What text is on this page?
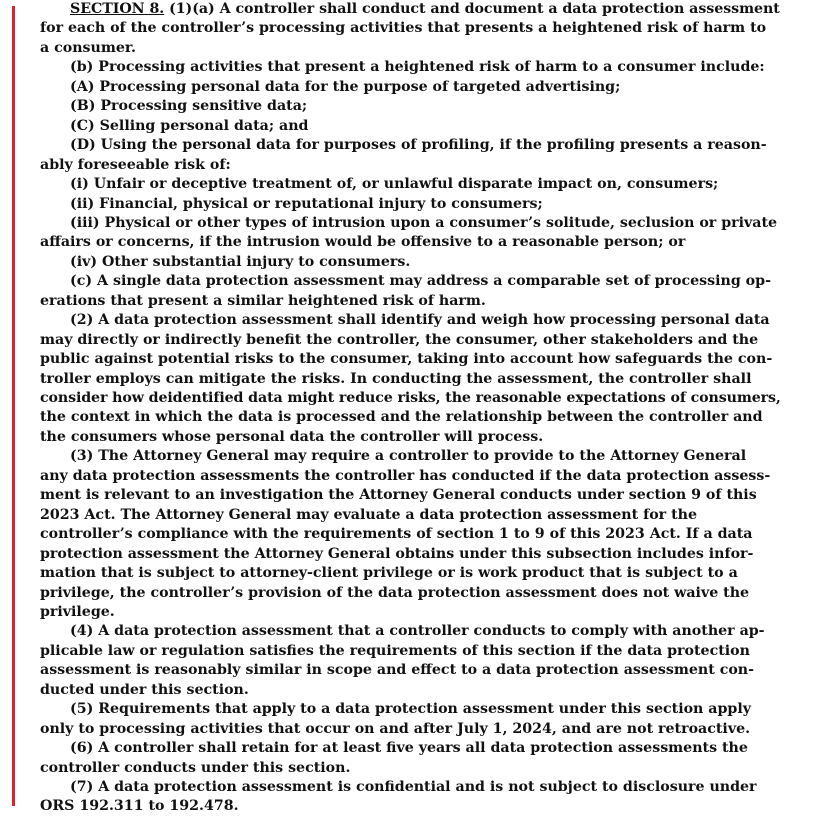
SECTION 8. (1)(a) A controller shall conduct and document a data protection assessment
for each of the controller’s processing activities that presents a heightened risk of harm to
a consumer.
(b) Processing activities that present a heightened risk of harm to a consumer include:
(A) Processing personal data for the purpose of targeted advertising;
(B) Processing sensitive data;
(C) Selling personal data; and
(D) Using the personal data for purposes of profiling, if the profiling presents a reason-
ably foreseeable risk of:
(i) Unfair or deceptive treatment of, or unlawful disparate impact on, consumers;
(ii) Financial, physical or reputational injury to consumers;
(iii) Physical or other types of intrusion upon a consumer’s solitude, seclusion or private
affairs or concerns, if the intrusion would be offensive to a reasonable person; or
(iv) Other substantial injury to consumers.
(c) A single data protection assessment may address a comparable set of processing op-
erations that present a similar heightened risk of harm.
(2) A data protection assessment shall identify and weigh how processing personal data
may directly or indirectly benefit the controller, the consumer, other stakeholders and the
public against potential risks to the consumer, taking into account how safeguards the con-
troller employs can mitigate the risks. In conducting the assessment, the controller shall
consider how deidentified data might reduce risks, the reasonable expectations of consumers,
the context in which the data is processed and the relationship between the controller and
the consumers whose personal data the controller will process.
(3) The Attorney General may require a controller to provide to the Attorney General
any data protection assessments the controller has conducted if the data protection assess-
ment is relevant to an investigation the Attorney General conducts under section 9 of this
2023 Act. The Attorney General may evaluate a data protection assessment for the
controller’s compliance with the requirements of section 1 to 9 of this 2023 Act. If a data
protection assessment the Attorney General obtains under this subsection includes infor-
mation that is subject to attorney-client privilege or is work product that is subject to a
privilege, the controller’s provision of the data protection assessment does not waive the
privilege.
(4) A data protection assessment that a controller conducts to comply with another ap-
plicable law or regulation satisfies the requirements of this section if the data protection
assessment is reasonably similar in scope and effect to a data protection assessment con-
ducted under this section.
(5) Requirements that apply to a data protection assessment under this section apply
only to processing activities that occur on and after July 1, 2024, and are not retroactive.
(6) A controller shall retain for at least five years all data protection assessments the
controller conducts under this section.
(7) A data protection assessment is confidential and is not subject to disclosure under
ORS 192.311 to 192.478.
